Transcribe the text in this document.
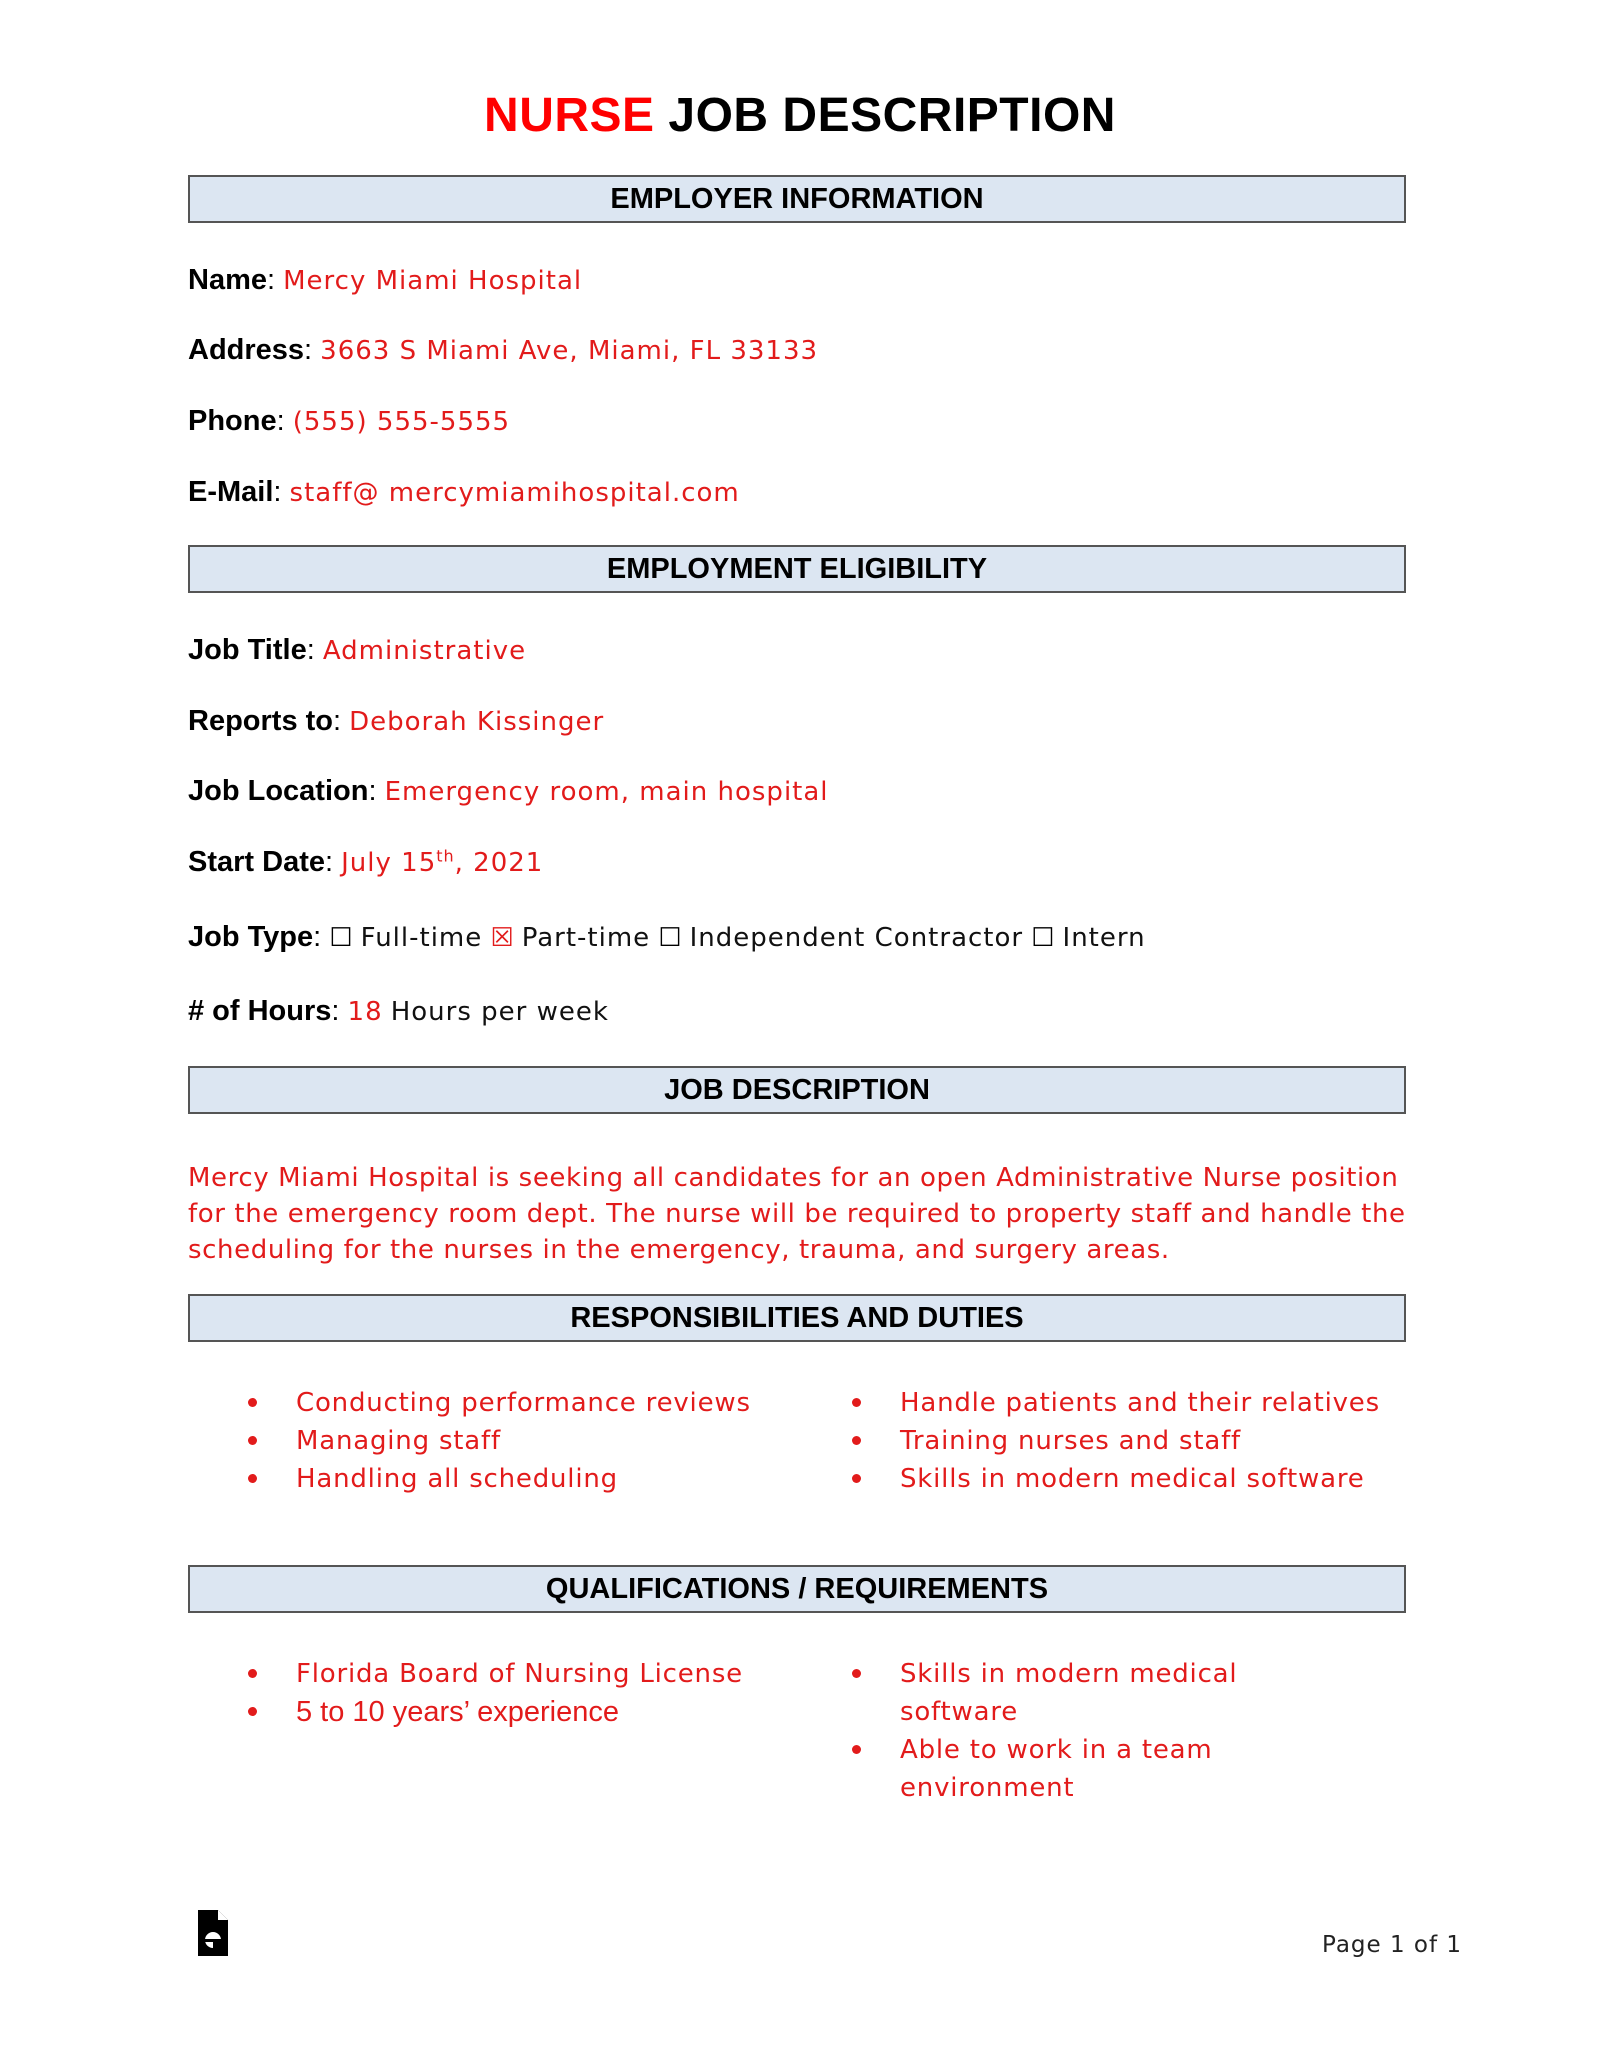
NURSE JOB DESCRIPTION
EMPLOYER INFORMATION
Name: Mercy Miami Hospital
Address: 3663 S Miami Ave, Miami, FL 33133
Phone: (555) 555-5555
E-Mail: staff@ mercymiamihospital.com
EMPLOYMENT ELIGIBILITY
Job Title: Administrative
Reports to: Deborah Kissinger
Job Location: Emergency room, main hospital
Start Date: July 15th, 2021
Job Type: ☐ Full-time ☒ Part-time ☐ Independent Contractor ☐ Intern
# of Hours: 18 Hours per week
JOB DESCRIPTION
Mercy Miami Hospital is seeking all candidates for an open Administrative Nurse position for the emergency room dept. The nurse will be required to property staff and handle the scheduling for the nurses in the emergency, trauma, and surgery areas.
RESPONSIBILITIES AND DUTIES
Conducting performance reviews
Managing staff
Handling all scheduling
Handle patients and their relatives
Training nurses and staff
Skills in modern medical software
QUALIFICATIONS / REQUIREMENTS
Florida Board of Nursing License
5 to 10 years’ experience
Skills in modern medical software
Able to work in a team environment
Page 1 of 1
